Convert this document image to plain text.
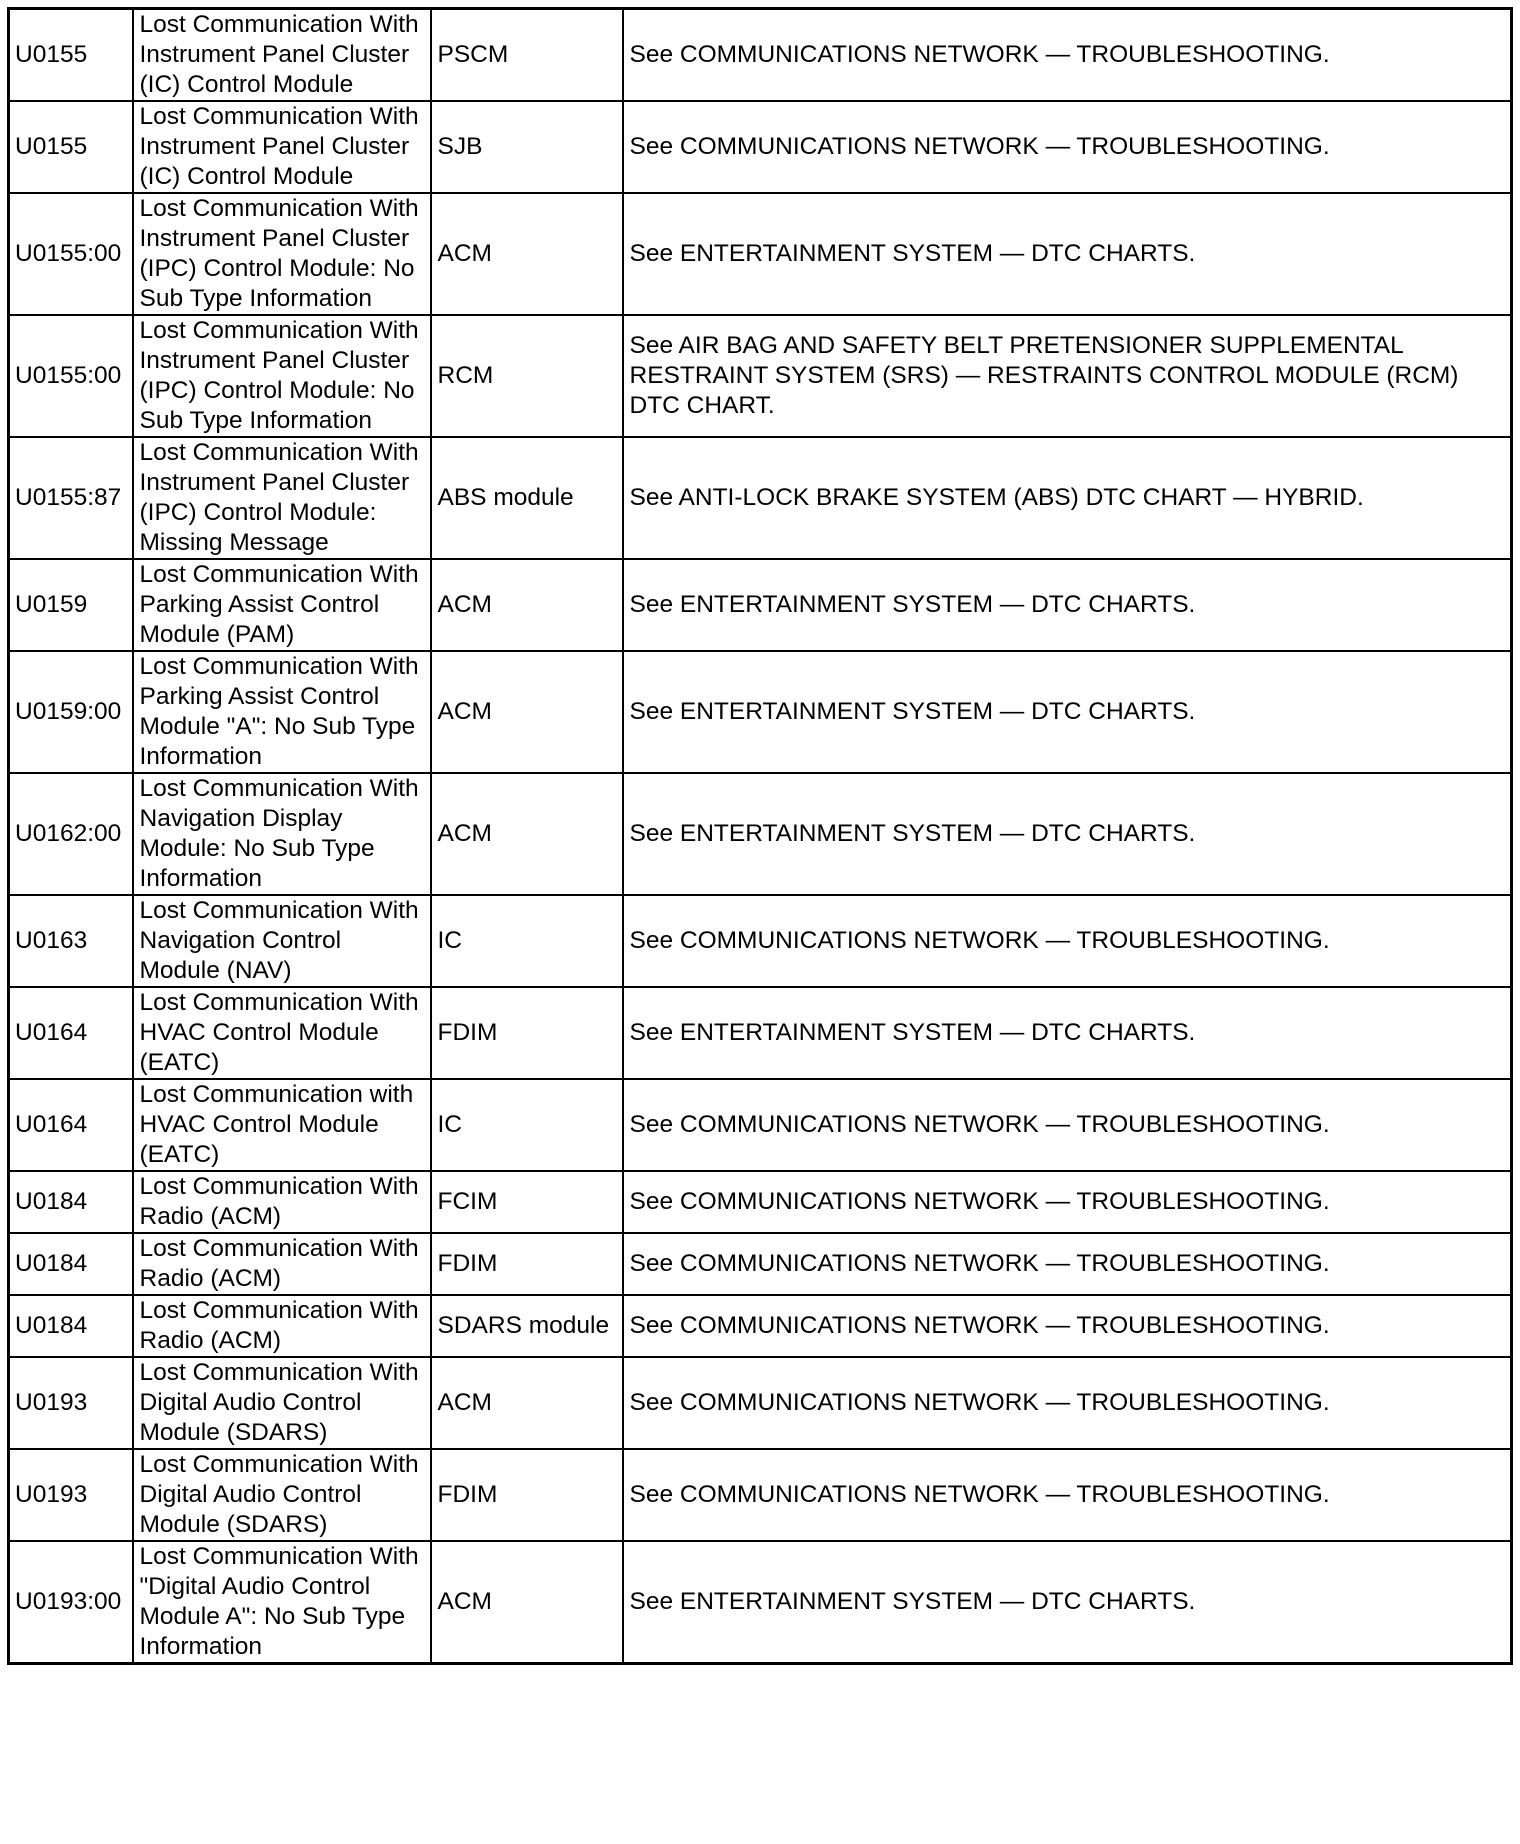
U0155	Lost Communication With Instrument Panel Cluster (IC) Control Module	PSCM	See COMMUNICATIONS NETWORK — TROUBLESHOOTING.
U0155	Lost Communication With Instrument Panel Cluster (IC) Control Module	SJB	See COMMUNICATIONS NETWORK — TROUBLESHOOTING.
U0155:00	Lost Communication With Instrument Panel Cluster (IPC) Control Module: No Sub Type Information	ACM	See ENTERTAINMENT SYSTEM — DTC CHARTS.
U0155:00	Lost Communication With Instrument Panel Cluster (IPC) Control Module: No Sub Type Information	RCM	See AIR BAG AND SAFETY BELT PRETENSIONER SUPPLEMENTAL RESTRAINT SYSTEM (SRS) — RESTRAINTS CONTROL MODULE (RCM) DTC CHART.
U0155:87	Lost Communication With Instrument Panel Cluster (IPC) Control Module: Missing Message	ABS module	See ANTI-LOCK BRAKE SYSTEM (ABS) DTC CHART — HYBRID.
U0159	Lost Communication With Parking Assist Control Module (PAM)	ACM	See ENTERTAINMENT SYSTEM — DTC CHARTS.
U0159:00	Lost Communication With Parking Assist Control Module "A": No Sub Type Information	ACM	See ENTERTAINMENT SYSTEM — DTC CHARTS.
U0162:00	Lost Communication With Navigation Display Module: No Sub Type Information	ACM	See ENTERTAINMENT SYSTEM — DTC CHARTS.
U0163	Lost Communication With Navigation Control Module (NAV)	IC	See COMMUNICATIONS NETWORK — TROUBLESHOOTING.
U0164	Lost Communication With HVAC Control Module (EATC)	FDIM	See ENTERTAINMENT SYSTEM — DTC CHARTS.
U0164	Lost Communication with HVAC Control Module (EATC)	IC	See COMMUNICATIONS NETWORK — TROUBLESHOOTING.
U0184	Lost Communication With Radio (ACM)	FCIM	See COMMUNICATIONS NETWORK — TROUBLESHOOTING.
U0184	Lost Communication With Radio (ACM)	FDIM	See COMMUNICATIONS NETWORK — TROUBLESHOOTING.
U0184	Lost Communication With Radio (ACM)	SDARS module	See COMMUNICATIONS NETWORK — TROUBLESHOOTING.
U0193	Lost Communication With Digital Audio Control Module (SDARS)	ACM	See COMMUNICATIONS NETWORK — TROUBLESHOOTING.
U0193	Lost Communication With Digital Audio Control Module (SDARS)	FDIM	See COMMUNICATIONS NETWORK — TROUBLESHOOTING.
U0193:00	Lost Communication With "Digital Audio Control Module A": No Sub Type Information	ACM	See ENTERTAINMENT SYSTEM — DTC CHARTS.
